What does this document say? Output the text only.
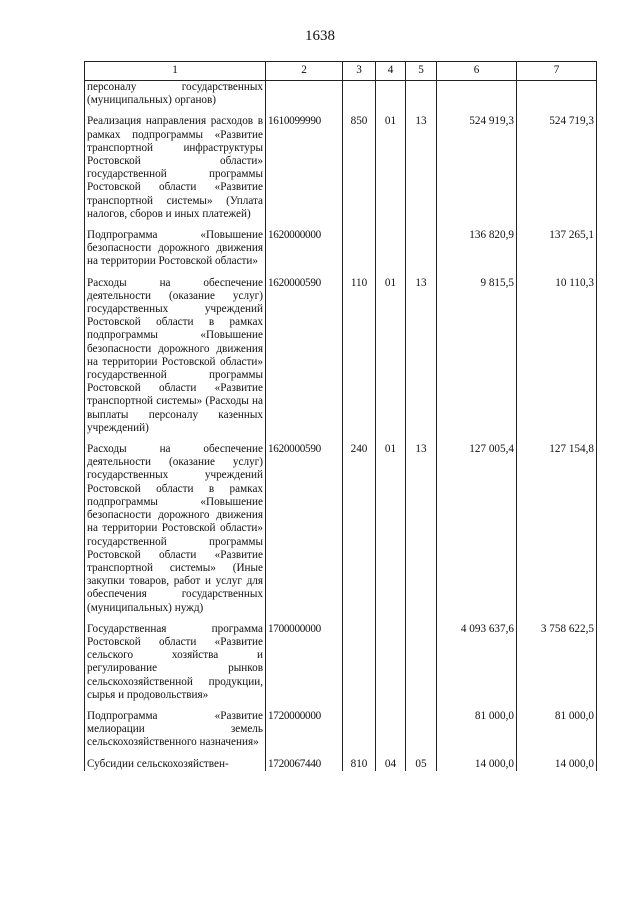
1638
1	2	3	4	5	6	7
персоналу государственных (муниципальных) органов)						
Реализация направления расходов в рамках подпрограммы «Развитие транспортной инфраструктуры Ростовской области» государственной программы Ростовской области «Развитие транспортной системы» (Уплата налогов, сборов и иных платежей)	1610099990	850	01	13	524 919,3	524 719,3
Подпрограмма «Повышение безопасности дорожного движения на территории Ростовской области»	1620000000				136 820,9	137 265,1
Расходы на обеспечение деятельности (оказание услуг) государственных учреждений Ростовской области в рамках подпрограммы «Повышение безопасности дорожного движения на территории Ростовской области» государственной программы Ростовской области «Развитие транспортной системы» (Расходы на выплаты персоналу казенных учреждений)	1620000590	110	01	13	9 815,5	10 110,3
Расходы на обеспечение деятельности (оказание услуг) государственных учреждений Ростовской области в рамках подпрограммы «Повышение безопасности дорожного движения на территории Ростовской области» государственной программы Ростовской области «Развитие транспортной системы» (Иные закупки товаров, работ и услуг для обеспечения государственных (муниципальных) нужд)	1620000590	240	01	13	127 005,4	127 154,8
Государственная программа Ростовской области «Развитие сельского хозяйства и регулирование рынков сельскохозяйственной продукции, сырья и продовольствия»	1700000000				4 093 637,6	3 758 622,5
Подпрограмма «Развитие мелиорации земель сельскохозяйственного назначения»	1720000000				81 000,0	81 000,0
Субсидии сельскохозяйствен-	1720067440	810	04	05	14 000,0	14 000,0
